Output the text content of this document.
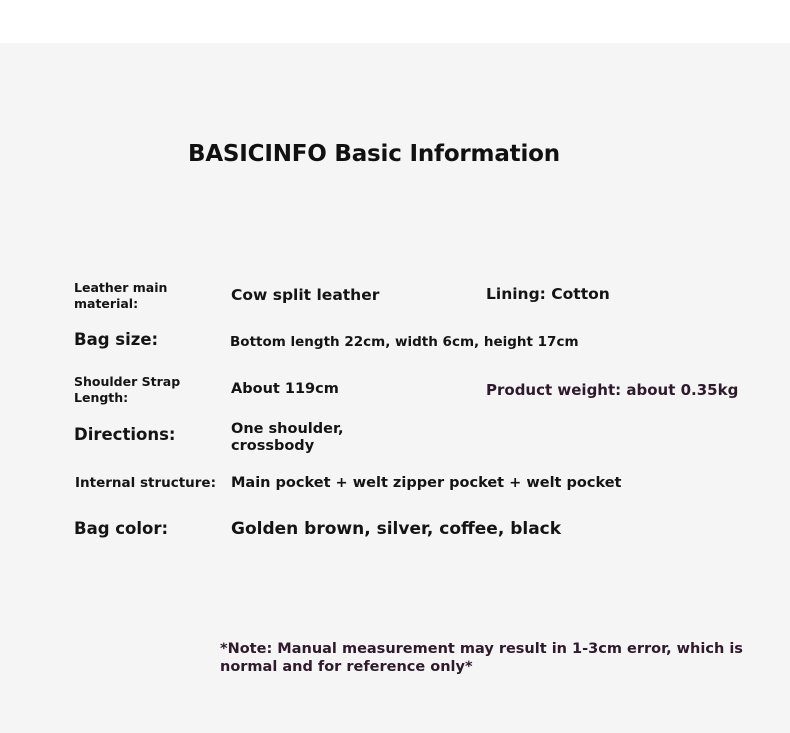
BASICINFO Basic Information
Leather main material:	Cow split leather	Lining: Cotton
Bag size:	Bottom length 22cm, width 6cm, height 17cm
Shoulder Strap Length:
About 119cm	Product weight: about 0.35kg
Directions:	One shoulder, crossbody
Internal structure: Main pocket + welt zipper pocket + welt pocket
Bag color:	Golden brown, silver, coffee, black
*Note: Manual measurement may result in 1-3cm error, which is normal and for reference only*
